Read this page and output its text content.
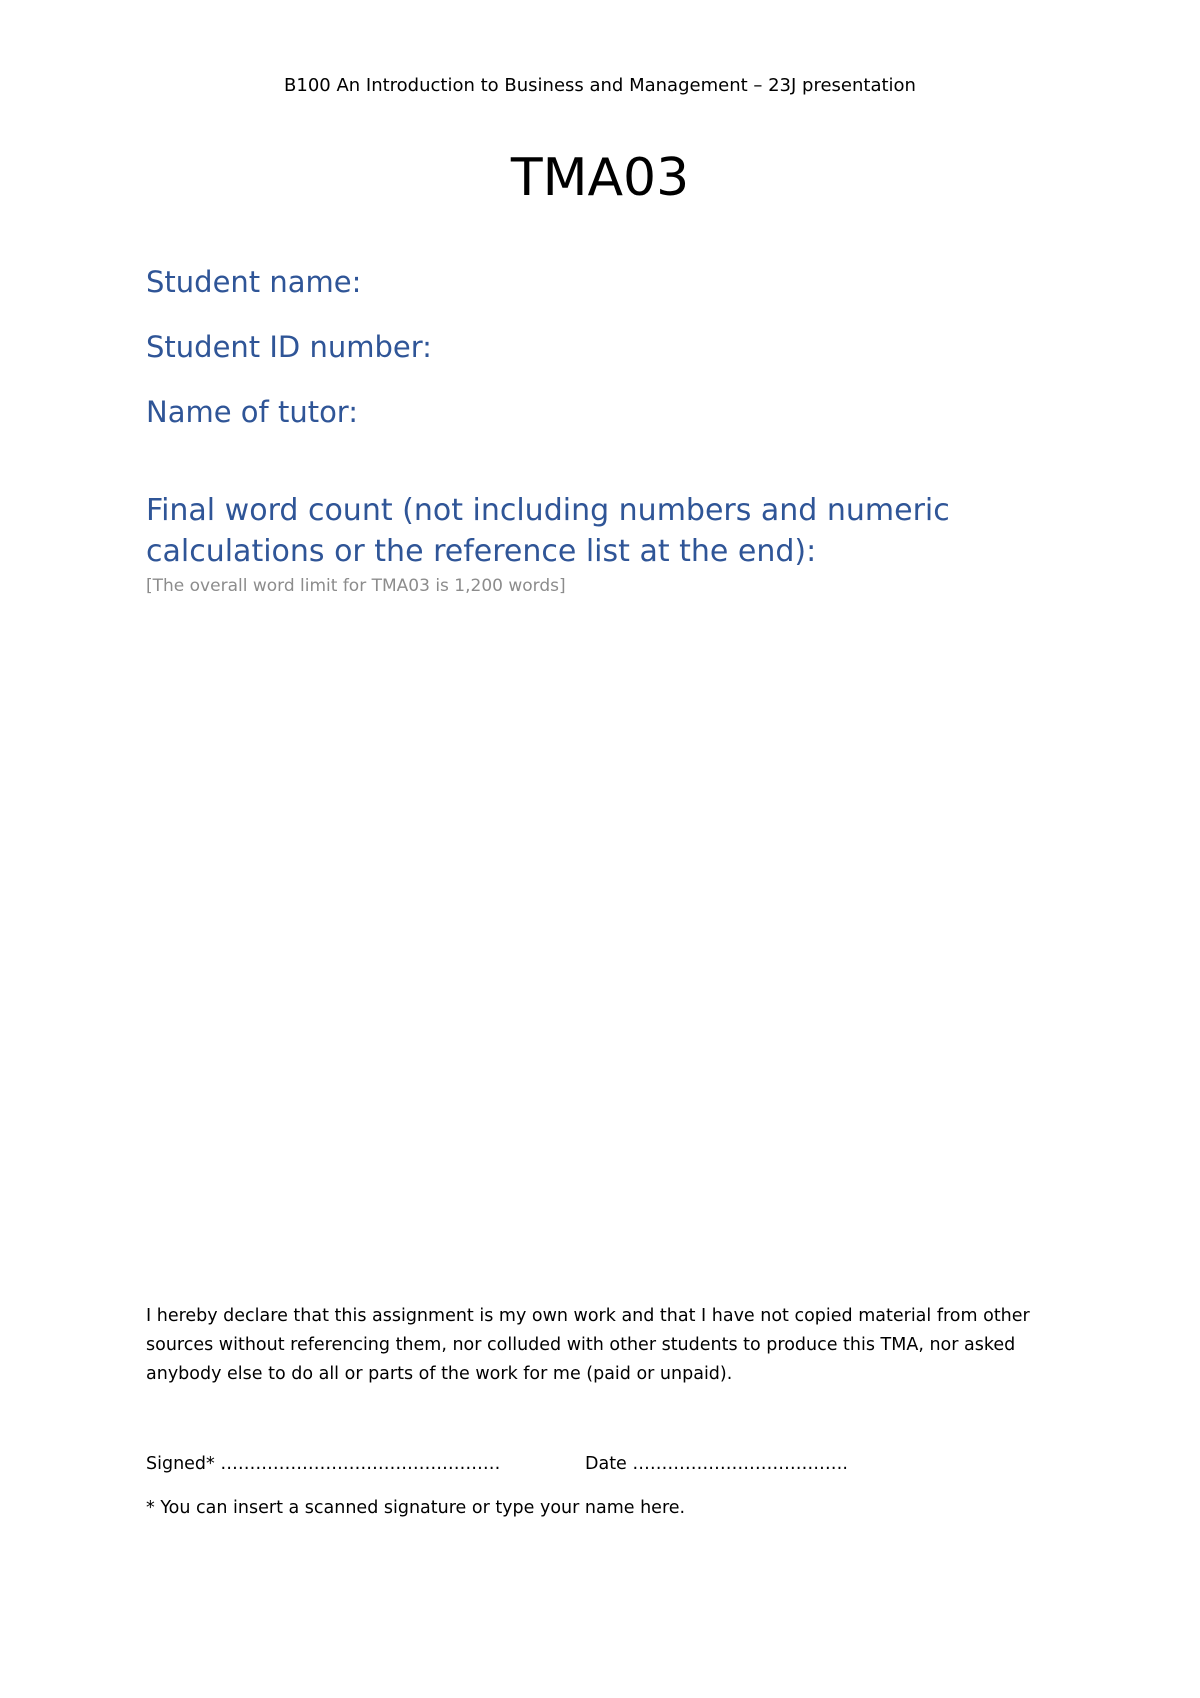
B100 An Introduction to Business and Management – 23J presentation
TMA03
Student name:
Student ID number:
Name of tutor:
Final word count (not including numbers and numeric calculations or the reference list at the end):
[The overall word limit for TMA03 is 1,200 words]
I hereby declare that this assignment is my own work and that I have not copied material from other sources without referencing them, nor colluded with other students to produce this TMA, nor asked anybody else to do all or parts of the work for me (paid or unpaid).
Signed* …………………………………………	Date ……………………………….
* You can insert a scanned signature or type your name here.
